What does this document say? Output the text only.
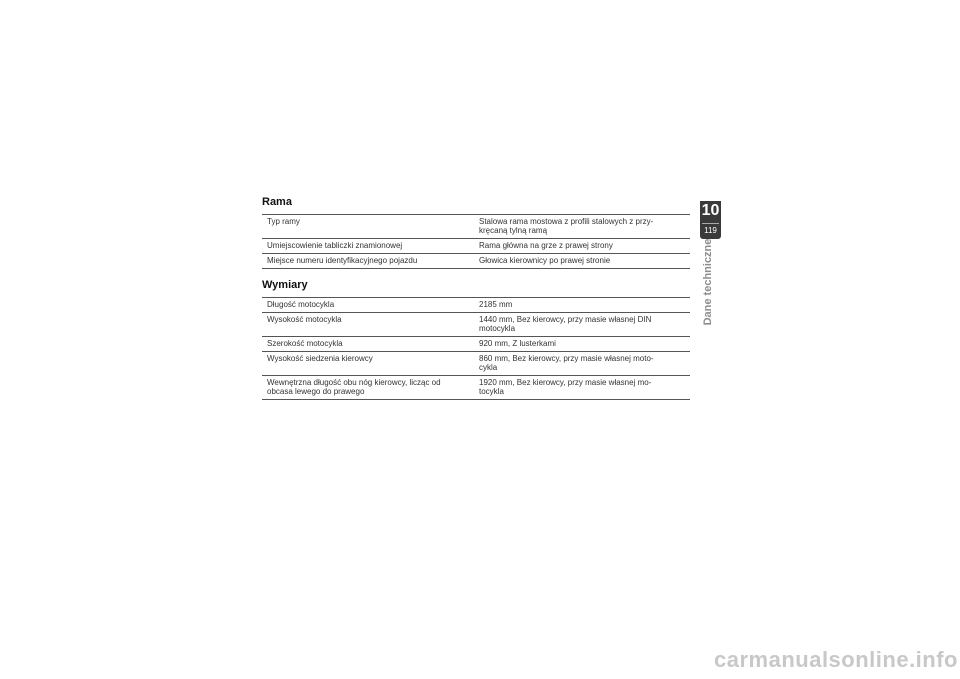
Rama
Typ ramy	Stalowa rama mostowa z profili stalowych z przy-
kręcaną tylną ramą
Umiejscowienie tabliczki znamionowej	Rama główna na grze z prawej strony
Miejsce numeru identyfikacyjnego pojazdu	Głowica kierownicy po prawej stronie
Wymiary
Długość motocykla	2185 mm
Wysokość motocykla	1440 mm, Bez kierowcy, przy masie własnej DIN
motocykla
Szerokość motocykla	920 mm, Z lusterkami
Wysokość siedzenia kierowcy	860 mm, Bez kierowcy, przy masie własnej moto-
cykla
Wewnętrzna długość obu nóg kierowcy, licząc od
obcasa lewego do prawego	1920 mm, Bez kierowcy, przy masie własnej mo-
tocykla
10
119
Dane techniczne
carmanualsonline.info
